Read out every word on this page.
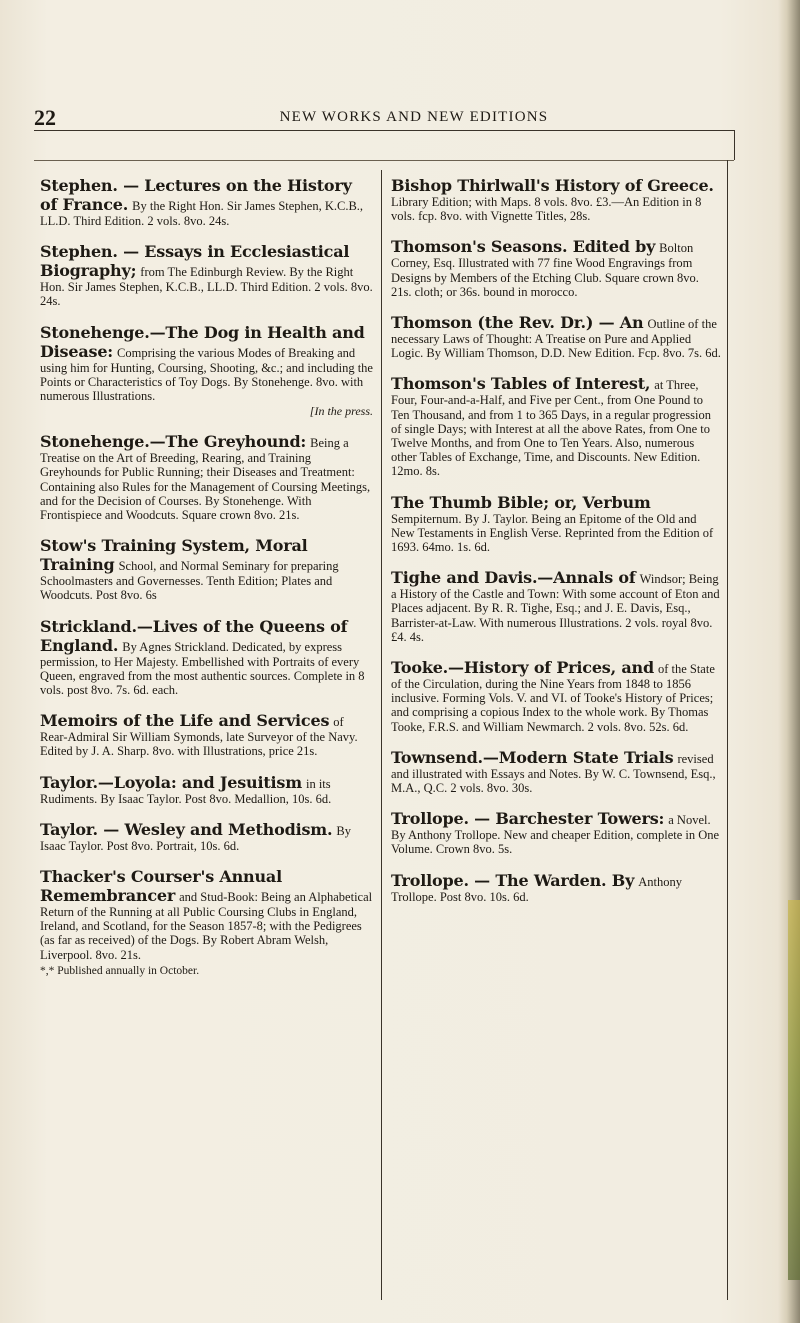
22	NEW WORKS AND NEW EDITIONS
Stephen. — Lectures on the History of France. By the Right Hon. Sir James Stephen, K.C.B., LL.D. Third Edition. 2 vols. 8vo. 24s.
Stephen. — Essays in Ecclesiastical Biography; from The Edinburgh Review. By the Right Hon. Sir James Stephen, K.C.B., LL.D. Third Edition. 2 vols. 8vo. 24s.
Stonehenge.—The Dog in Health and Disease: Comprising the various Modes of Breaking and using him for Hunting, Coursing, Shooting, &c.; and including the Points or Characteristics of Toy Dogs. By Stonehenge. 8vo. with numerous Illustrations.
[In the press.
Stonehenge.—The Greyhound: Being a Treatise on the Art of Breeding, Rearing, and Training Greyhounds for Public Running; their Diseases and Treatment: Containing also Rules for the Management of Coursing Meetings, and for the Decision of Courses. By Stonehenge. With Frontispiece and Woodcuts. Square crown 8vo. 21s.
Stow's Training System, Moral Training School, and Normal Seminary for preparing Schoolmasters and Governesses. Tenth Edition; Plates and Woodcuts. Post 8vo. 6s
Strickland.—Lives of the Queens of England. By Agnes Strickland. Dedicated, by express permission, to Her Majesty. Embellished with Portraits of every Queen, engraved from the most authentic sources. Complete in 8 vols. post 8vo. 7s. 6d. each.
Memoirs of the Life and Services of Rear-Admiral Sir William Symonds, late Surveyor of the Navy. Edited by J. A. Sharp. 8vo. with Illustrations, price 21s.
Taylor.—Loyola: and Jesuitism in its Rudiments. By Isaac Taylor. Post 8vo. Medallion, 10s. 6d.
Taylor. — Wesley and Methodism. By Isaac Taylor. Post 8vo. Portrait, 10s. 6d.
Thacker's Courser's Annual Remembrancer and Stud-Book: Being an Alphabetical Return of the Running at all Public Coursing Clubs in England, Ireland, and Scotland, for the Season 1857-8; with the Pedigrees (as far as received) of the Dogs. By Robert Abram Welsh, Liverpool. 8vo. 21s.
*,* Published annually in October.
Bishop Thirlwall's History of Greece. Library Edition; with Maps. 8 vols. 8vo. £3.—An Edition in 8 vols. fcp. 8vo. with Vignette Titles, 28s.
Thomson's Seasons. Edited by Bolton Corney, Esq. Illustrated with 77 fine Wood Engravings from Designs by Members of the Etching Club. Square crown 8vo. 21s. cloth; or 36s. bound in morocco.
Thomson (the Rev. Dr.) — An Outline of the necessary Laws of Thought: A Treatise on Pure and Applied Logic. By William Thomson, D.D. New Edition. Fcp. 8vo. 7s. 6d.
Thomson's Tables of Interest, at Three, Four, Four-and-a-Half, and Five per Cent., from One Pound to Ten Thousand, and from 1 to 365 Days, in a regular progression of single Days; with Interest at all the above Rates, from One to Twelve Months, and from One to Ten Years. Also, numerous other Tables of Exchange, Time, and Discounts. New Edition. 12mo. 8s.
The Thumb Bible; or, Verbum Sempiternum. By J. Taylor. Being an Epitome of the Old and New Testaments in English Verse. Reprinted from the Edition of 1693. 64mo. 1s. 6d.
Tighe and Davis.—Annals of Windsor; Being a History of the Castle and Town: With some account of Eton and Places adjacent. By R. R. Tighe, Esq.; and J. E. Davis, Esq., Barrister-at-Law. With numerous Illustrations. 2 vols. royal 8vo. £4. 4s.
Tooke.—History of Prices, and of the State of the Circulation, during the Nine Years from 1848 to 1856 inclusive. Forming Vols. V. and VI. of Tooke's History of Prices; and comprising a copious Index to the whole work. By Thomas Tooke, F.R.S. and William Newmarch. 2 vols. 8vo. 52s. 6d.
Townsend.—Modern State Trials revised and illustrated with Essays and Notes. By W. C. Townsend, Esq., M.A., Q.C. 2 vols. 8vo. 30s.
Trollope. — Barchester Towers: a Novel. By Anthony Trollope. New and cheaper Edition, complete in One Volume. Crown 8vo. 5s.
Trollope. — The Warden. By Anthony Trollope. Post 8vo. 10s. 6d.
